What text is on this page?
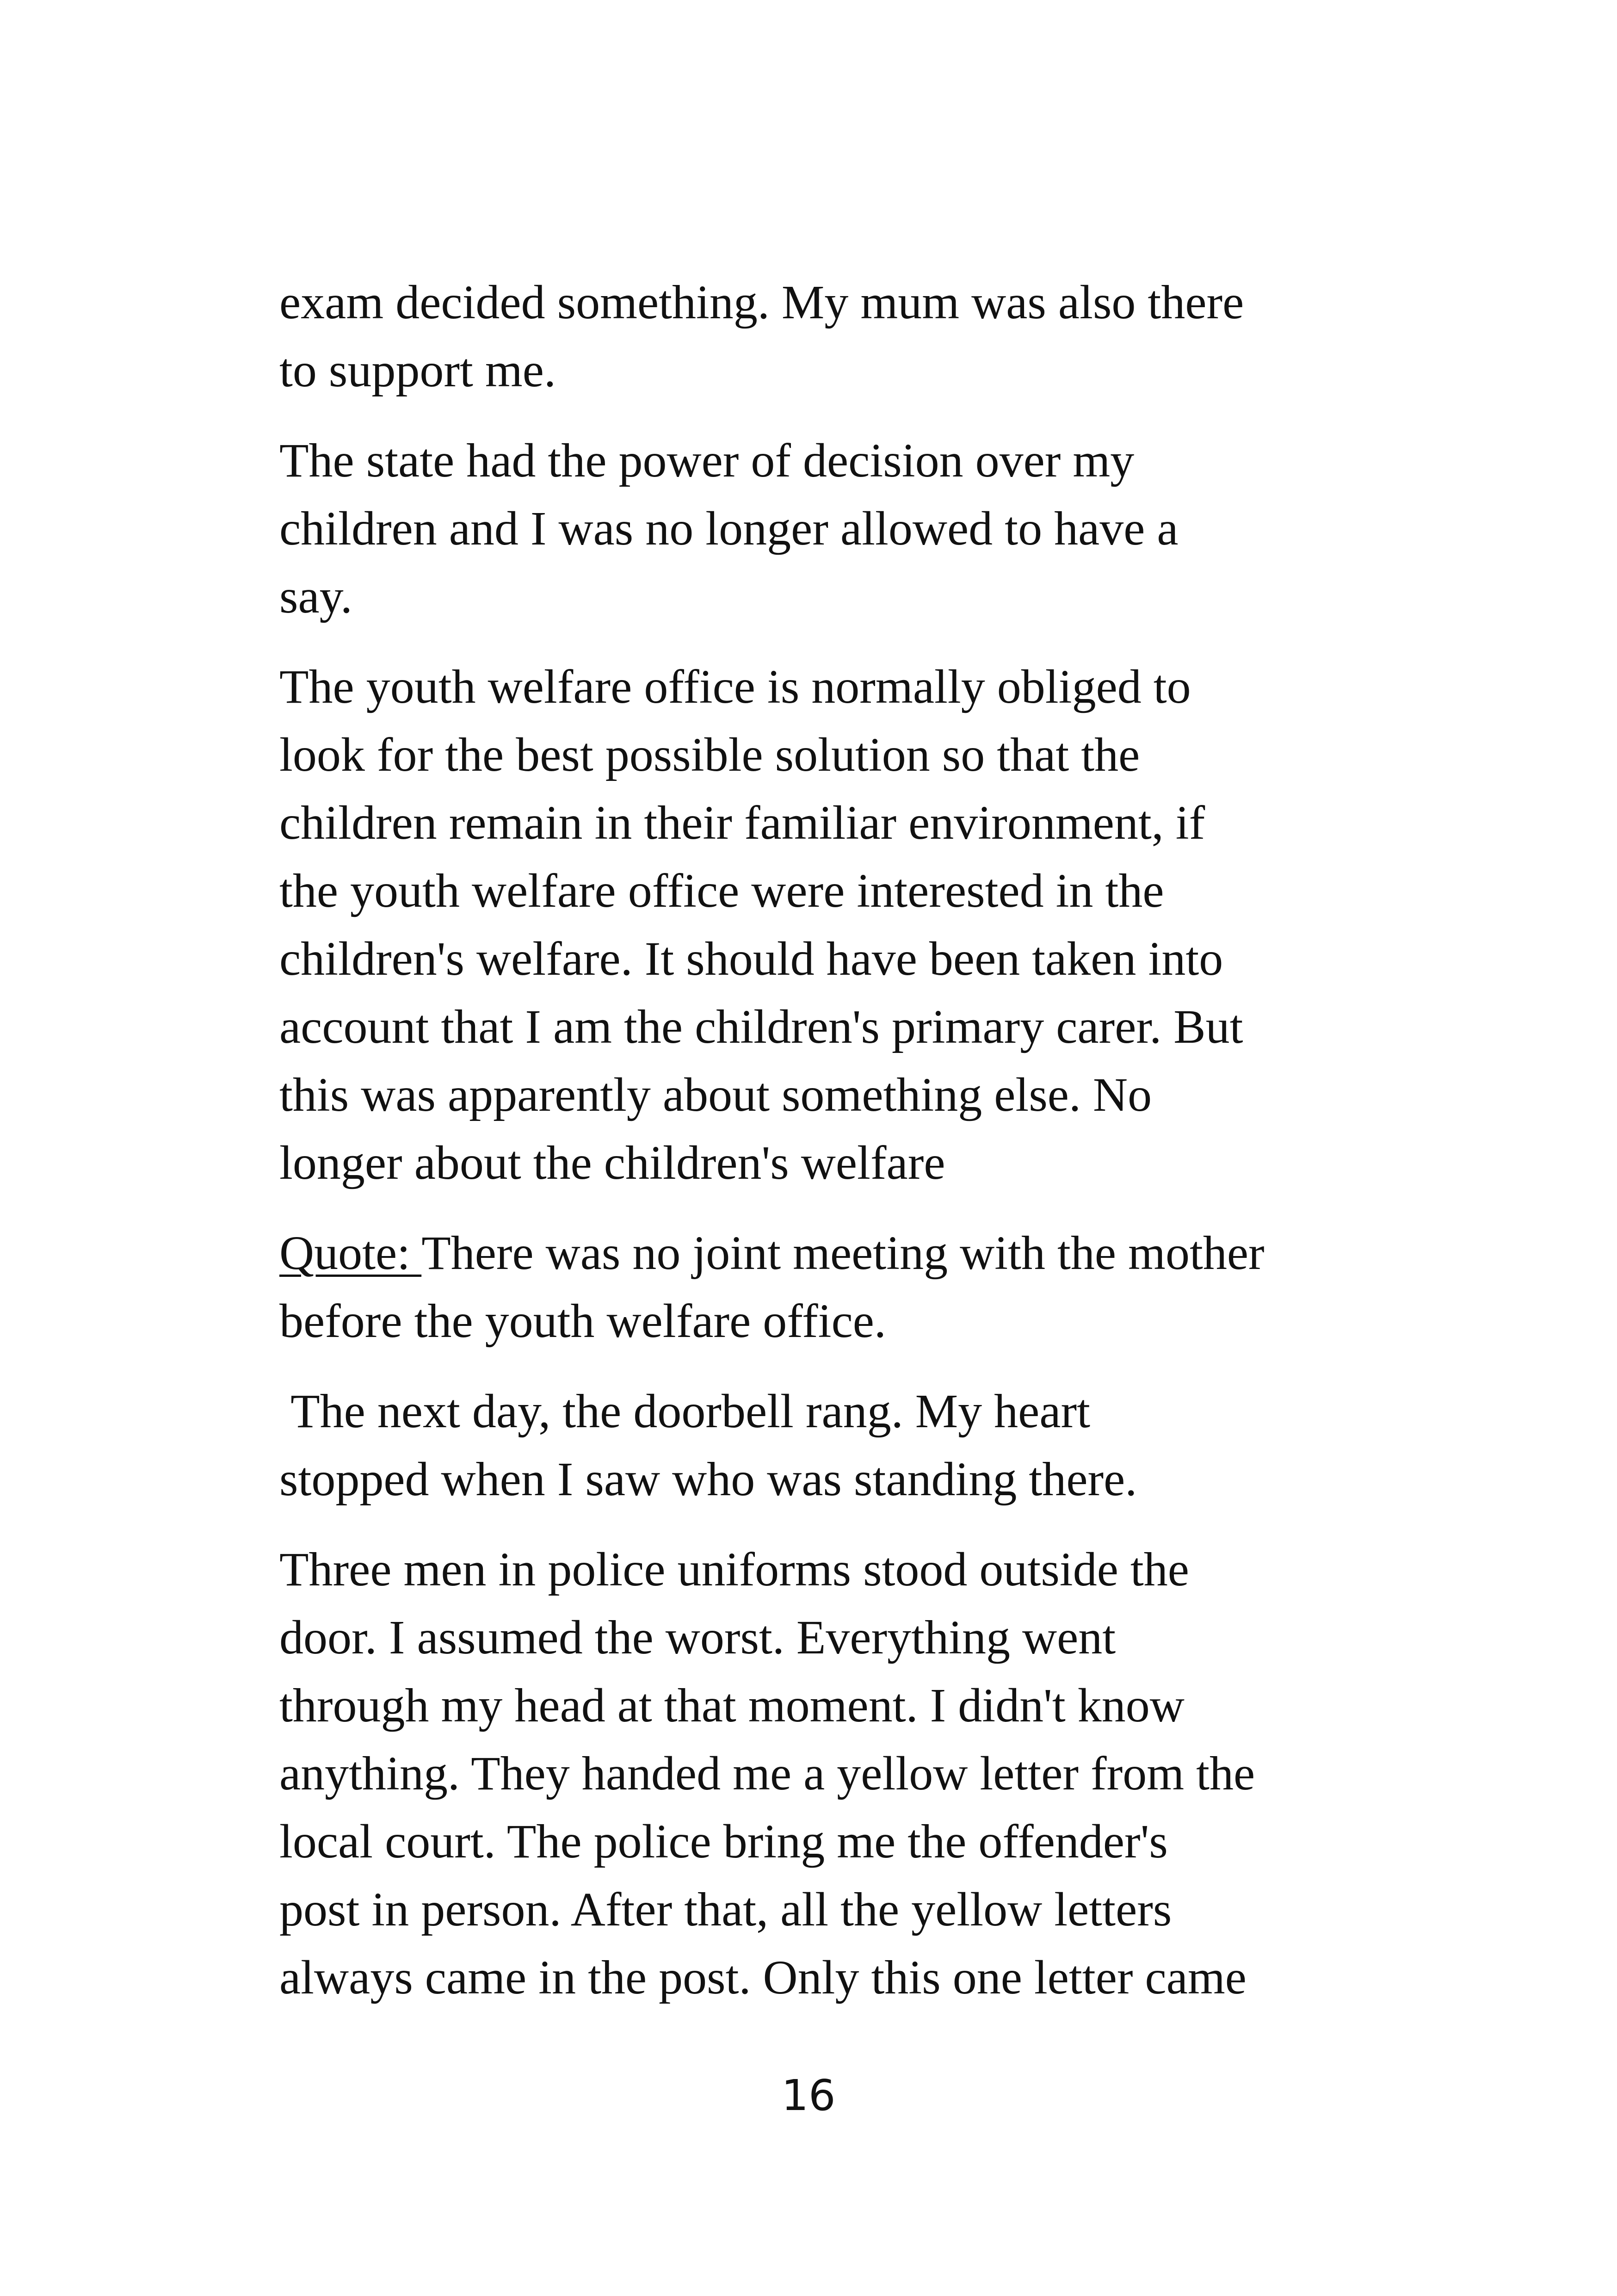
exam decided something. My mum was also there
to support me.

The state had the power of decision over my
children and I was no longer allowed to have a
say.

The youth welfare office is normally obliged to
look for the best possible solution so that the
children remain in their familiar environment, if
the youth welfare office were interested in the
children's welfare. It should have been taken into
account that I am the children's primary carer. But
this was apparently about something else. No
longer about the children's welfare

Quote: There was no joint meeting with the mother
before the youth welfare office.

The next day, the doorbell rang. My heart
stopped when I saw who was standing there.

Three men in police uniforms stood outside the
door. I assumed the worst. Everything went
through my head at that moment. I didn't know
anything. They handed me a yellow letter from the
local court. The police bring me the offender's
post in person. After that, all the yellow letters
always came in the post. Only this one letter came

16
